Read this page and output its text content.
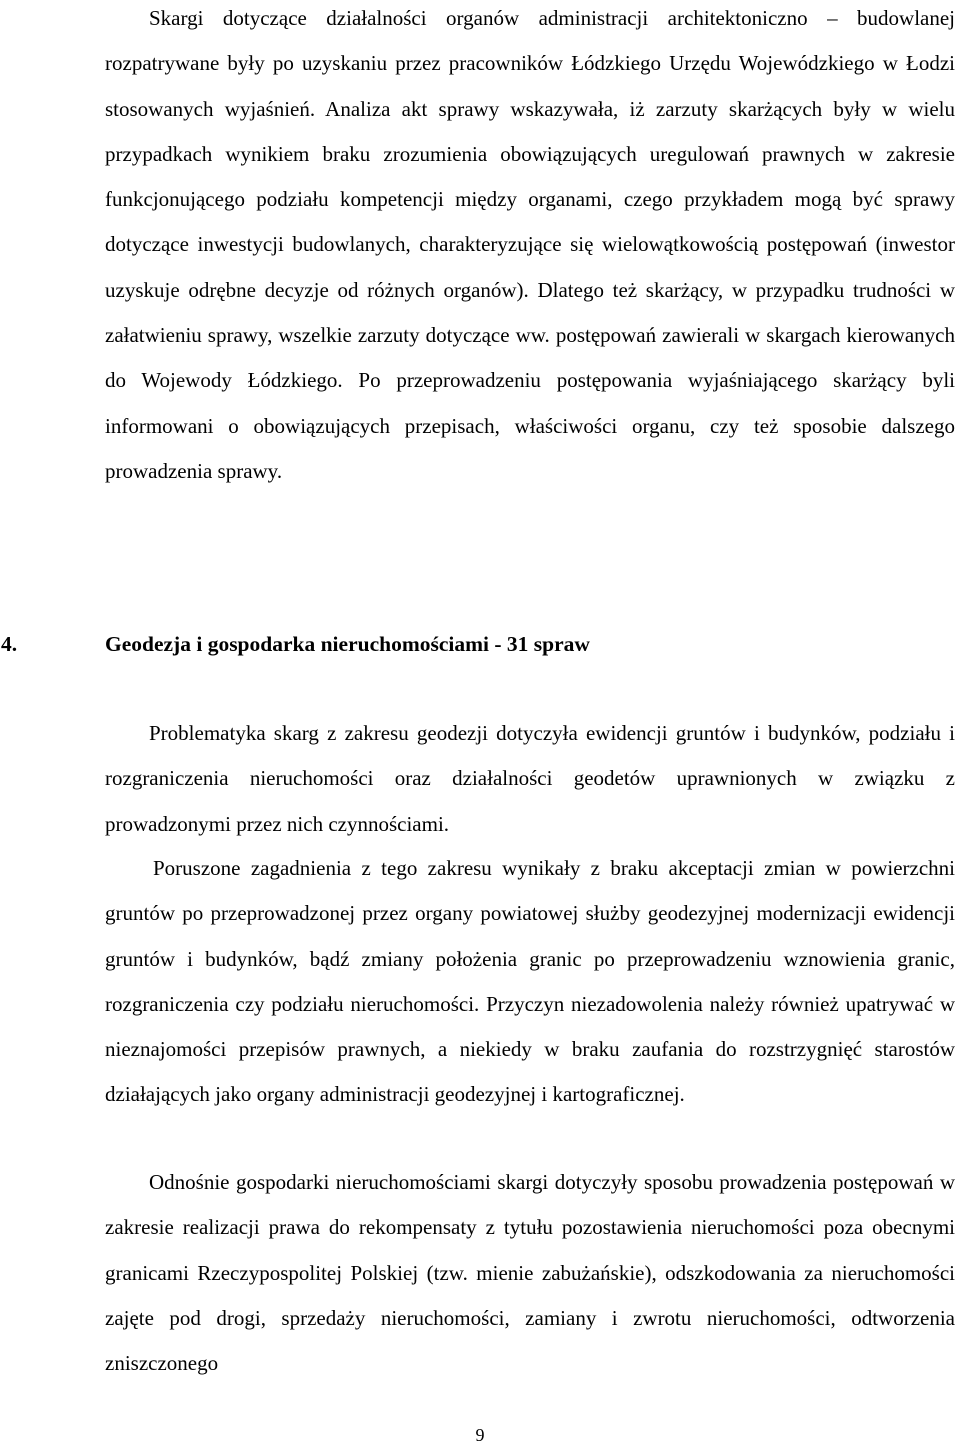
Skargi dotyczące działalności organów administracji architektoniczno – budowlanej rozpatrywane były po uzyskaniu przez pracowników Łódzkiego Urzędu Wojewódzkiego w Łodzi stosowanych wyjaśnień. Analiza akt sprawy wskazywała, iż zarzuty skarżących były w wielu przypadkach wynikiem braku zrozumienia obowiązujących uregulowań prawnych w zakresie funkcjonującego podziału kompetencji między organami, czego przykładem mogą być sprawy dotyczące inwestycji budowlanych, charakteryzujące się wielowątkowością postępowań (inwestor uzyskuje odrębne decyzje od różnych organów). Dlatego też skarżący, w przypadku trudności w załatwieniu sprawy, wszelkie zarzuty dotyczące ww. postępowań zawierali w skargach kierowanych do Wojewody Łódzkiego. Po przeprowadzeniu postępowania wyjaśniającego skarżący byli informowani o obowiązujących przepisach, właściwości organu, czy też sposobie dalszego prowadzenia sprawy.

4.	Geodezja i gospodarka nieruchomościami - 31 spraw

Problematyka skarg z zakresu geodezji dotyczyła ewidencji gruntów i budynków, podziału i rozgraniczenia nieruchomości oraz działalności geodetów uprawnionych w związku z prowadzonymi przez nich czynnościami.

Poruszone zagadnienia z tego zakresu wynikały z braku akceptacji zmian w powierzchni gruntów po przeprowadzonej przez organy powiatowej służby geodezyjnej modernizacji ewidencji gruntów i budynków, bądź zmiany położenia granic po przeprowadzeniu wznowienia granic, rozgraniczenia czy podziału nieruchomości. Przyczyn niezadowolenia należy również upatrywać w nieznajomości przepisów prawnych, a niekiedy w braku zaufania do rozstrzygnięć starostów działających jako organy administracji geodezyjnej i kartograficznej.

Odnośnie gospodarki nieruchomościami skargi dotyczyły sposobu prowadzenia postępowań w zakresie realizacji prawa do rekompensaty z tytułu pozostawienia nieruchomości poza obecnymi granicami Rzeczypospolitej Polskiej (tzw. mienie zabużańskie), odszkodowania za nieruchomości zajęte pod drogi, sprzedaży nieruchomości, zamiany i zwrotu nieruchomości, odtworzenia zniszczonego

9
